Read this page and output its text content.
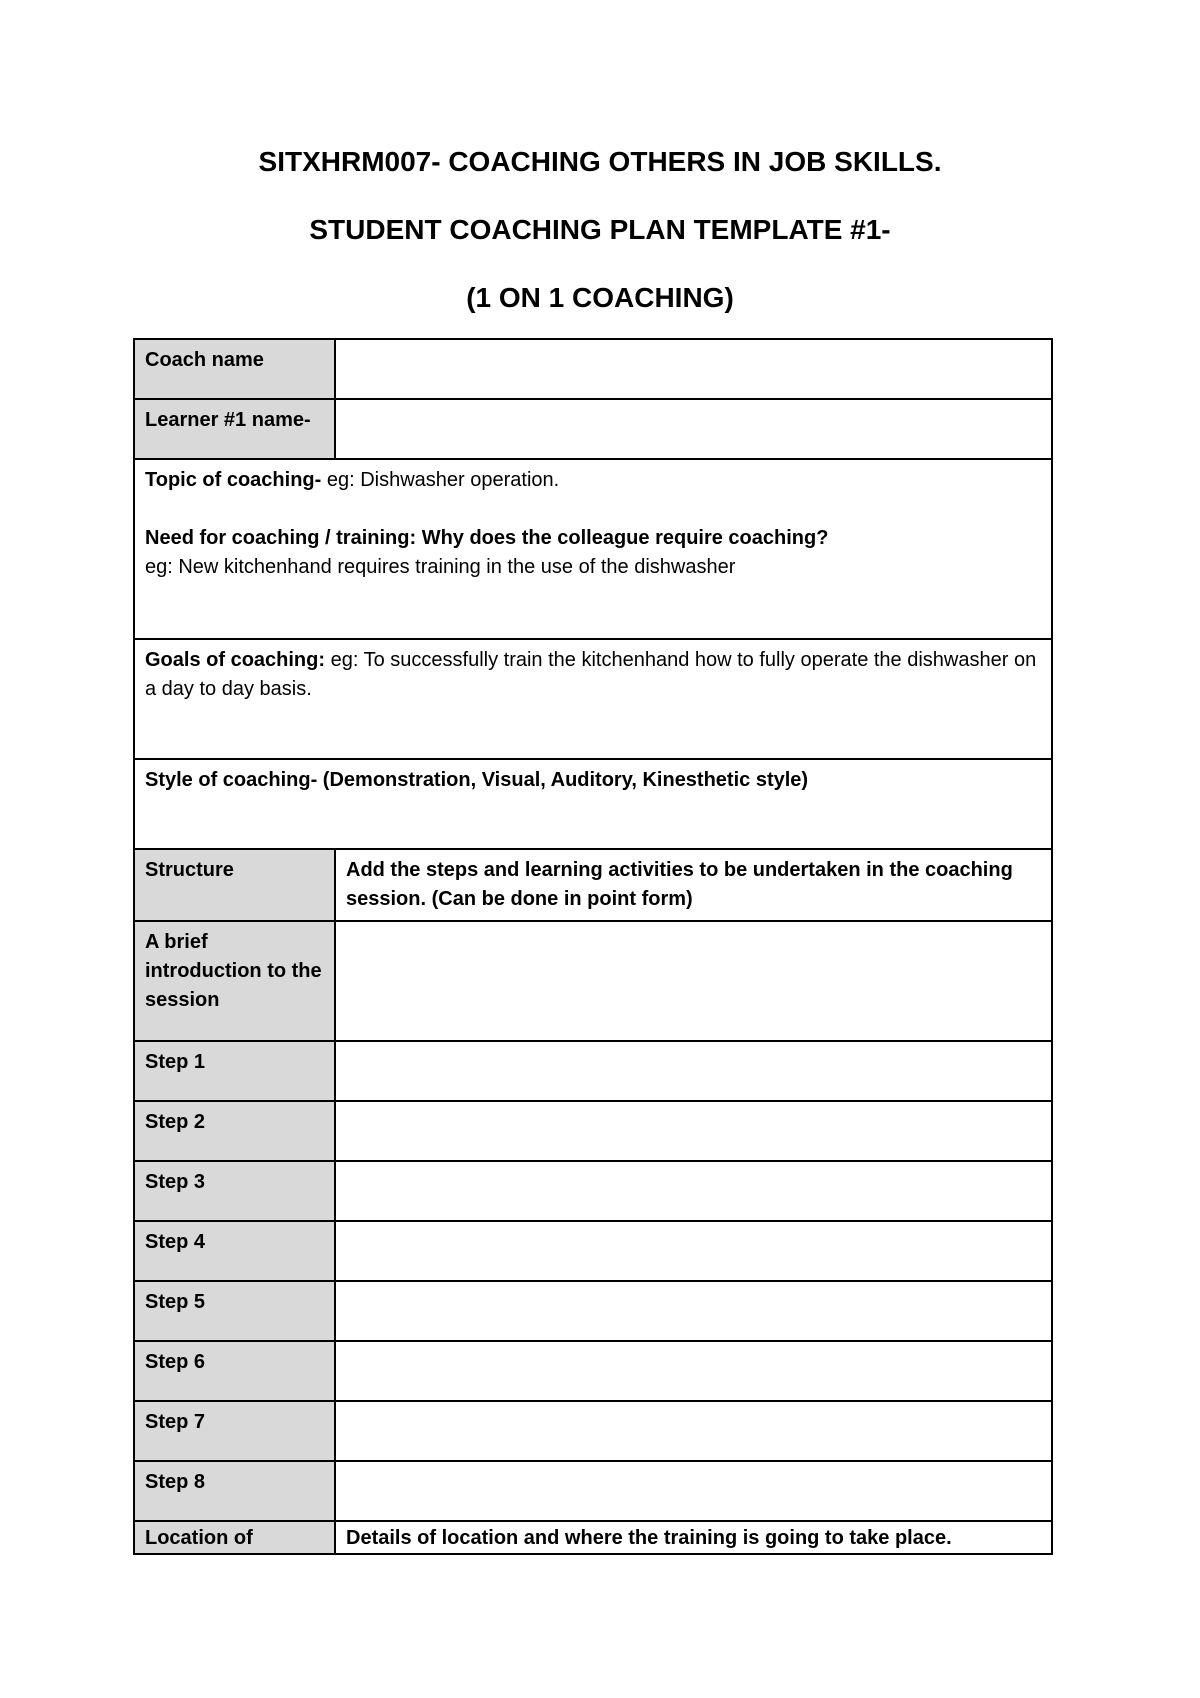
SITXHRM007- COACHING OTHERS IN JOB SKILLS.
STUDENT COACHING PLAN TEMPLATE #1-
(1 ON 1 COACHING)
Coach name	
Learner #1 name-	
Topic of coaching- eg: Dishwasher operation.
Need for coaching / training: Why does the colleague require coaching?
eg: New kitchenhand requires training in the use of the dishwasher	
Goals of coaching: eg: To successfully train the kitchenhand how to fully operate the dishwasher on a day to day basis.	
Style of coaching- (Demonstration, Visual, Auditory, Kinesthetic style)	
Structure	Add the steps and learning activities to be undertaken in the coaching session. (Can be done in point form)
A brief introduction to the session	
Step 1	
Step 2	
Step 3	
Step 4	
Step 5	
Step 6	
Step 7	
Step 8	
Location of	Details of location and where the training is going to take place.
